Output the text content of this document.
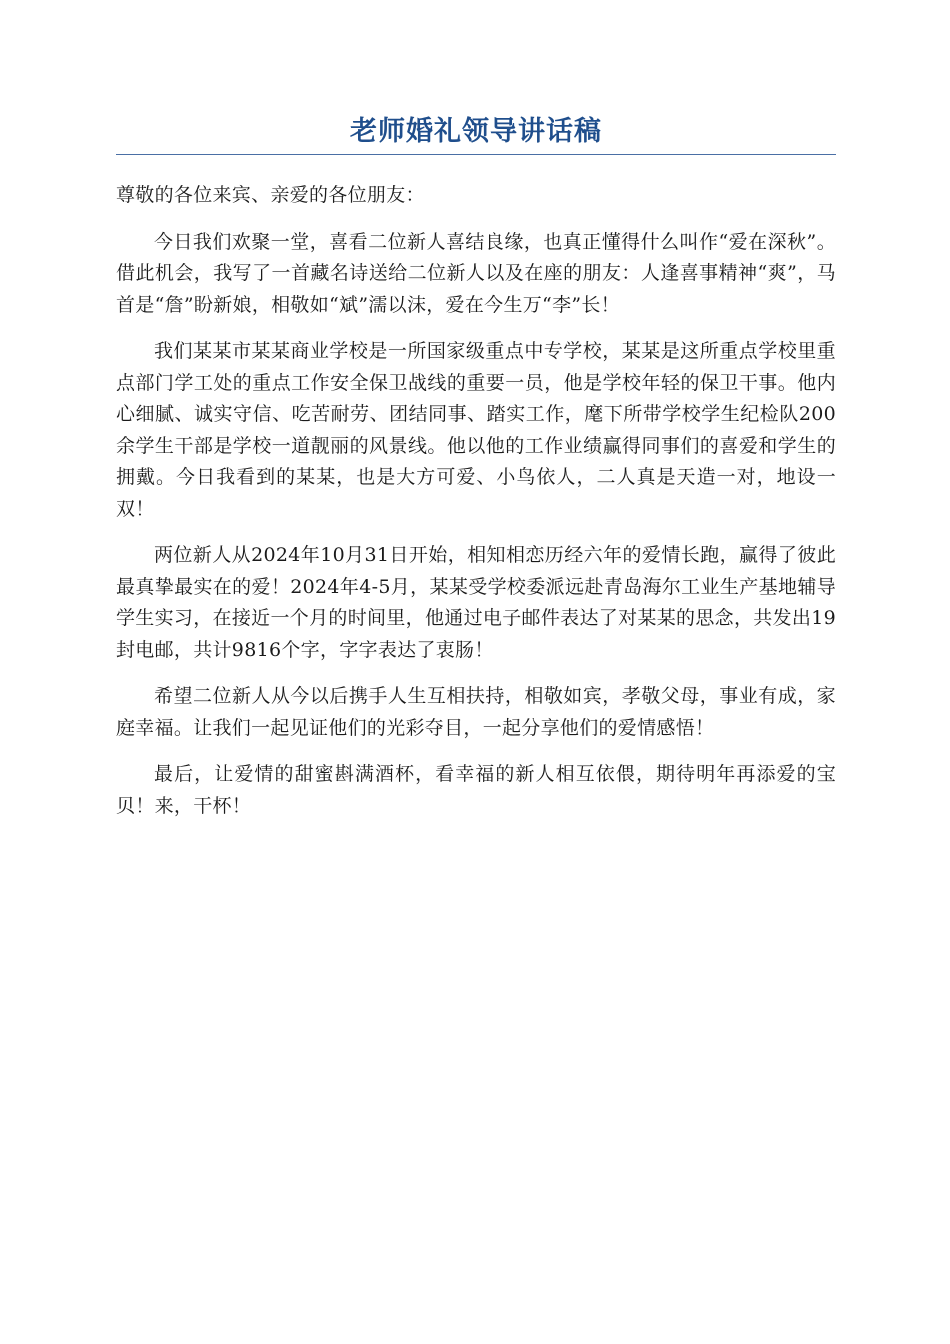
老师婚礼领导讲话稿

尊敬的各位来宾、亲爱的各位朋友：

今日我们欢聚一堂，喜看二位新人喜结良缘，也真正懂得什么叫作“爱在深秋”。借此机会，我写了一首藏名诗送给二位新人以及在座的朋友：人逢喜事精神“爽”，马首是“詹”盼新娘，相敬如“斌”濡以沫，爱在今生万“李”长！

我们某某市某某商业学校是一所国家级重点中专学校，某某是这所重点学校里重点部门学工处的重点工作安全保卫战线的重要一员，他是学校年轻的保卫干事。他内心细腻、诚实守信、吃苦耐劳、团结同事、踏实工作，麾下所带学校学生纪检队200余学生干部是学校一道靓丽的风景线。他以他的工作业绩赢得同事们的喜爱和学生的拥戴。今日我看到的某某，也是大方可爱、小鸟依人，二人真是天造一对，地设一双！

两位新人从2024年10月31日开始，相知相恋历经六年的爱情长跑，赢得了彼此最真挚最实在的爱！2024年4-5月，某某受学校委派远赴青岛海尔工业生产基地辅导学生实习，在接近一个月的时间里，他通过电子邮件表达了对某某的思念，共发出19封电邮，共计9816个字，字字表达了衷肠！

希望二位新人从今以后携手人生互相扶持，相敬如宾，孝敬父母，事业有成，家庭幸福。让我们一起见证他们的光彩夺目，一起分享他们的爱情感悟！

最后，让爱情的甜蜜斟满酒杯，看幸福的新人相互依偎，期待明年再添爱的宝贝！来，干杯！
